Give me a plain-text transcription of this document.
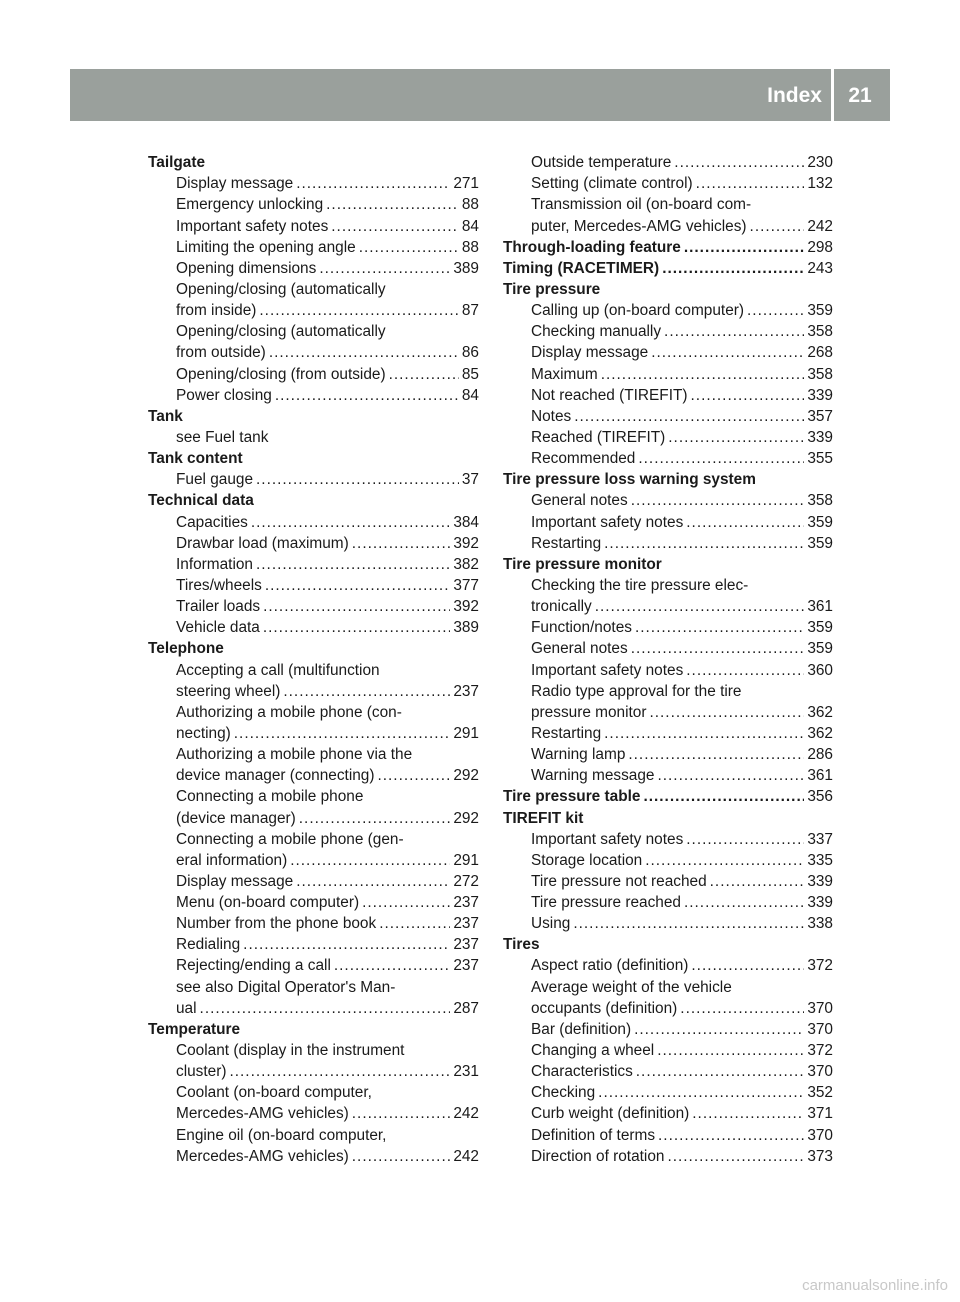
Index	21
Tailgate
Display message .....	271
Emergency unlocking .....	88
Important safety notes .....	84
Limiting the opening angle .....	88
Opening dimensions .....	389
Opening/closing (automatically
from inside) .....	87
Opening/closing (automatically
from outside) .....	86
Opening/closing (from outside) .....	85
Power closing .....	84
Tank
see Fuel tank
Tank content
Fuel gauge .....	37
Technical data
Capacities .....	384
Drawbar load (maximum) .....	392
Information .....	382
Tires/wheels .....	377
Trailer loads .....	392
Vehicle data .....	389
Telephone
Accepting a call (multifunction
steering wheel) .....	237
Authorizing a mobile phone (con-
necting) .....	291
Authorizing a mobile phone via the
device manager (connecting) .....	292
Connecting a mobile phone
(device manager) .....	292
Connecting a mobile phone (gen-
eral information) .....	291
Display message .....	272
Menu (on-board computer) .....	237
Number from the phone book .....	237
Redialing .....	237
Rejecting/ending a call .....	237
see also Digital Operator's Man-
ual .....	287
Temperature
Coolant (display in the instrument
cluster) .....	231
Coolant (on-board computer,
Mercedes-AMG vehicles) .....	242
Engine oil (on-board computer,
Mercedes-AMG vehicles) .....	242
Outside temperature .....	230
Setting (climate control) .....	132
Transmission oil (on-board com-
puter, Mercedes-AMG vehicles) .....	242
Through-loading feature .....	298
Timing (RACETIMER) .....	243
Tire pressure
Calling up (on-board computer) .....	359
Checking manually .....	358
Display message .....	268
Maximum .....	358
Not reached (TIREFIT) .....	339
Notes .....	357
Reached (TIREFIT) .....	339
Recommended .....	355
Tire pressure loss warning system
General notes .....	358
Important safety notes .....	359
Restarting .....	359
Tire pressure monitor
Checking the tire pressure elec-
tronically .....	361
Function/notes .....	359
General notes .....	359
Important safety notes .....	360
Radio type approval for the tire
pressure monitor .....	362
Restarting .....	362
Warning lamp .....	286
Warning message .....	361
Tire pressure table .....	356
TIREFIT kit
Important safety notes .....	337
Storage location .....	335
Tire pressure not reached .....	339
Tire pressure reached .....	339
Using .....	338
Tires
Aspect ratio (definition) .....	372
Average weight of the vehicle
occupants (definition) .....	370
Bar (definition) .....	370
Changing a wheel .....	372
Characteristics .....	370
Checking .....	352
Curb weight (definition) .....	371
Definition of terms .....	370
Direction of rotation .....	373
carmanualsonline.info
